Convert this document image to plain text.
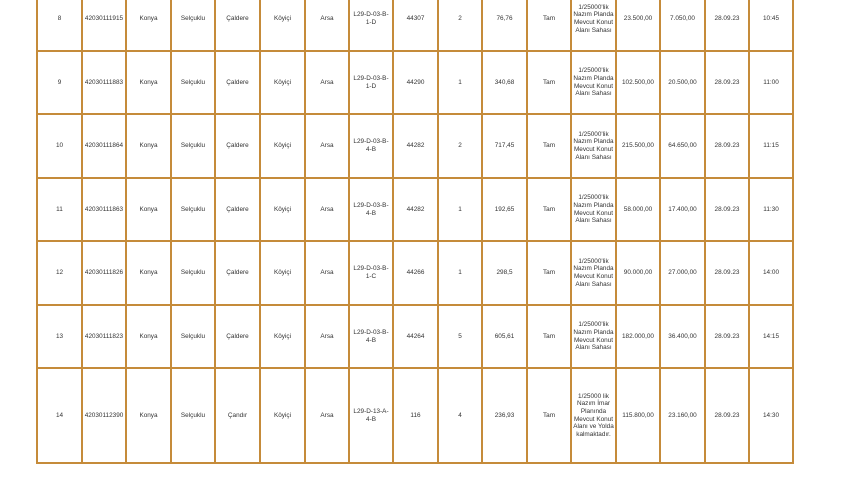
8	42030111915	Konya	Selçuklu	Çaldere	Köyiçi	Arsa	L29-D-03-B-1-D	44307	2	76,76	Tam	1/25000'lik Nazım Planda Mevcut Konut Alanı Sahası	23.500,00	7.050,00	28.09.23	10:45
9	42030111883	Konya	Selçuklu	Çaldere	Köyiçi	Arsa	L29-D-03-B-1-D	44290	1	340,68	Tam	1/25000'lik Nazım Planda Mevcut Konut Alanı Sahası	102.500,00	20.500,00	28.09.23	11:00
10	42030111864	Konya	Selçuklu	Çaldere	Köyiçi	Arsa	L29-D-03-B-4-B	44282	2	717,45	Tam	1/25000'lik Nazım Planda Mevcut Konut Alanı Sahası	215.500,00	64.650,00	28.09.23	11:15
11	42030111863	Konya	Selçuklu	Çaldere	Köyiçi	Arsa	L29-D-03-B-4-B	44282	1	192,65	Tam	1/25000'lik Nazım Planda Mevcut Konut Alanı Sahası	58.000,00	17.400,00	28.09.23	11:30
12	42030111826	Konya	Selçuklu	Çaldere	Köyiçi	Arsa	L29-D-03-B-1-C	44266	1	298,5	Tam	1/25000'lik Nazım Planda Mevcut Konut Alanı Sahası	90.000,00	27.000,00	28.09.23	14:00
13	42030111823	Konya	Selçuklu	Çaldere	Köyiçi	Arsa	L29-D-03-B-4-B	44264	5	605,61	Tam	1/25000'lik Nazım Planda Mevcut Konut Alanı Sahası	182.000,00	36.400,00	28.09.23	14:15
14	42030112390	Konya	Selçuklu	Çandır	Köyiçi	Arsa	L29-D-13-A-4-B	116	4	236,93	Tam	1/25000 lik Nazım İmar Planında Mevcut Konut Alanı ve Yolda kalmaktadır.	115.800,00	23.160,00	28.09.23	14:30
